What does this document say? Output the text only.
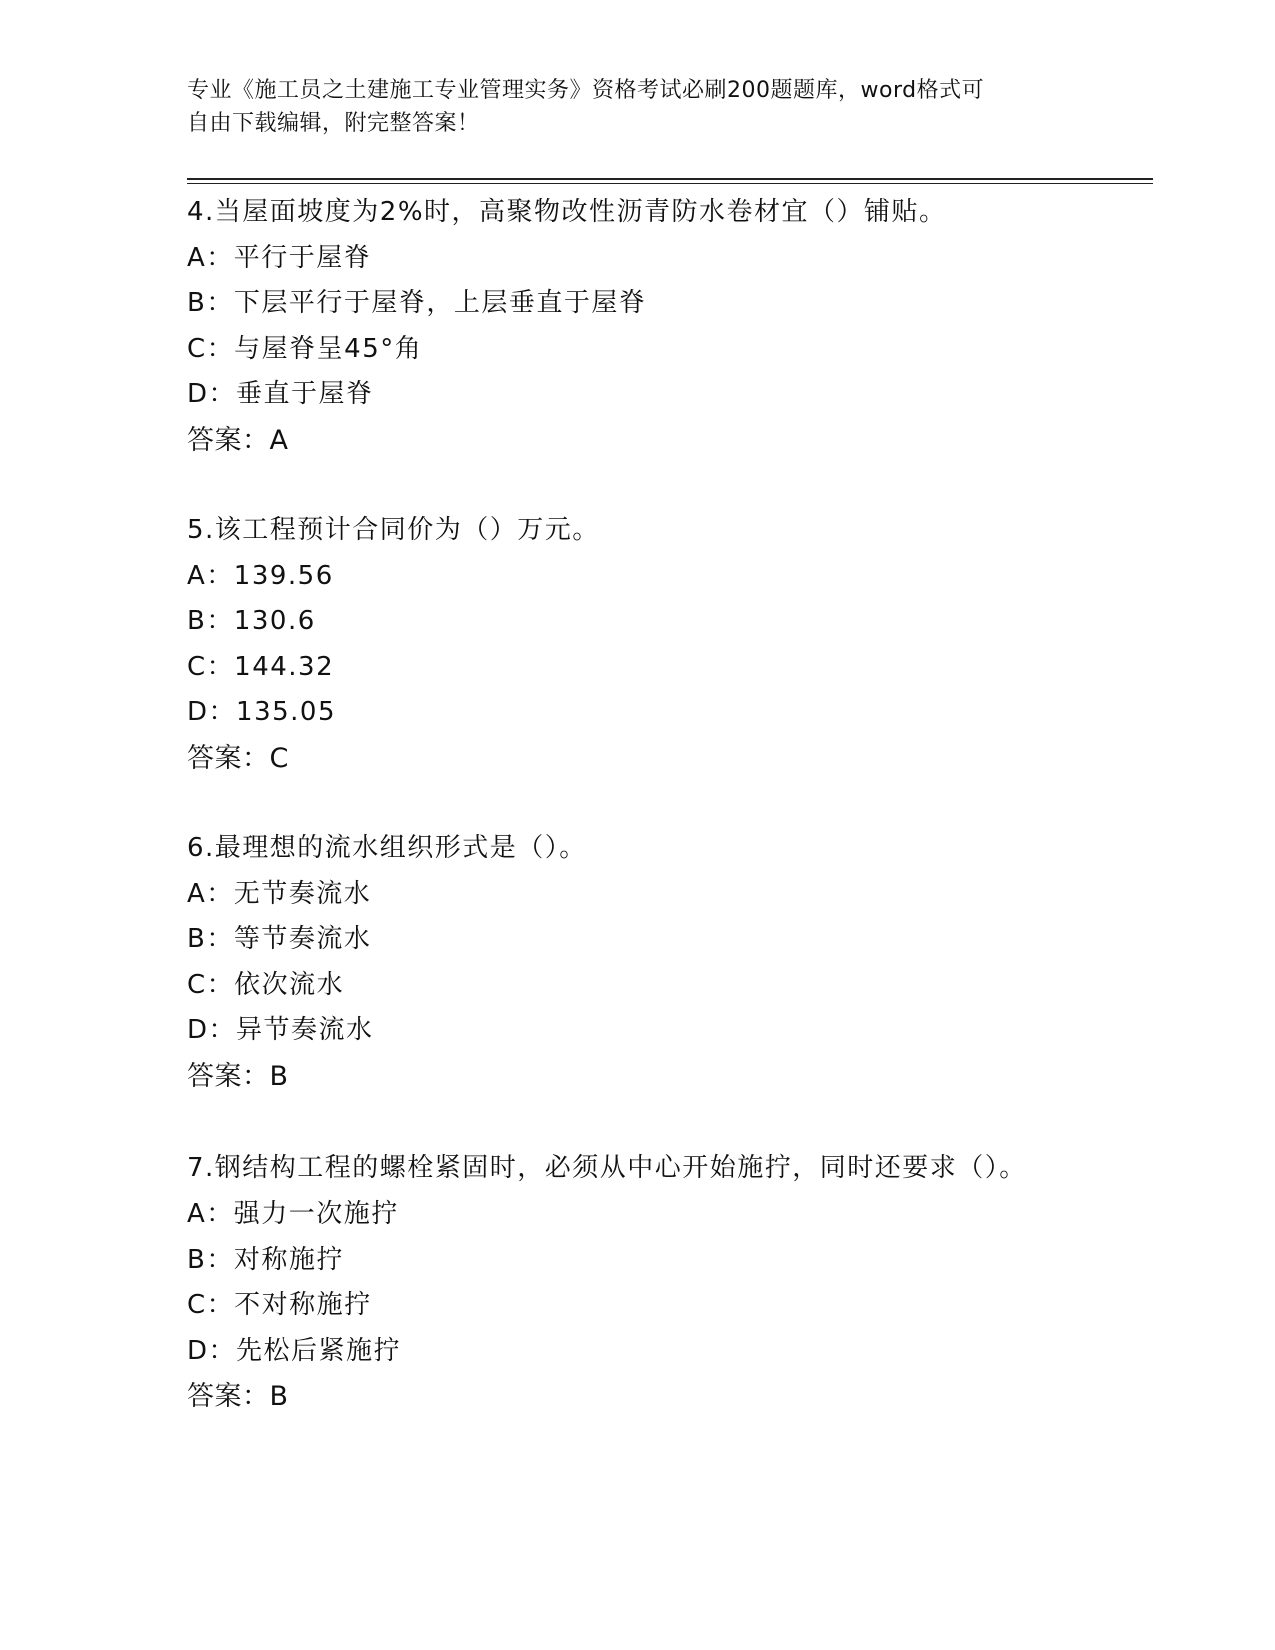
专业《施工员之土建施工专业管理实务》资格考试必刷200题题库，word格式可
自由下载编辑，附完整答案！
4.当屋面坡度为2%时，高聚物改性沥青防水卷材宜（）铺贴。
A：平行于屋脊
B：下层平行于屋脊，上层垂直于屋脊
C：与屋脊呈45°角
D：垂直于屋脊
答案：A
5.该工程预计合同价为（）万元。
A：139.56
B：130.6
C：144.32
D：135.05
答案：C
6.最理想的流水组织形式是（）。
A：无节奏流水
B：等节奏流水
C：依次流水
D：异节奏流水
答案：B
7.钢结构工程的螺栓紧固时，必须从中心开始施拧，同时还要求（）。
A：强力一次施拧
B：对称施拧
C：不对称施拧
D：先松后紧施拧
答案：B
